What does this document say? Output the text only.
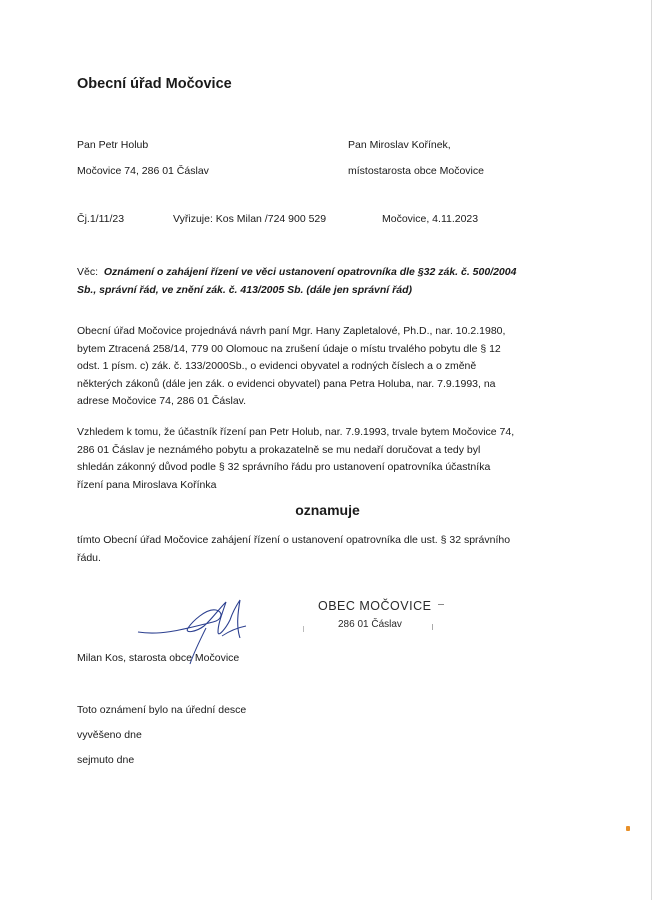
Obecní úřad Močovice
Pan Petr Holub
Močovice 74, 286 01 Čáslav
Pan Miroslav Kořínek,
místostarosta obce Močovice
Čj.1/11/23	Vyřizuje: Kos Milan /724 900 529	Močovice, 4.11.2023
Věc: Oznámení o zahájení řízení ve věci ustanovení opatrovníka dle §32 zák. č. 500/2004
Sb., správní řád, ve znění zák. č. 413/2005 Sb. (dále jen správní řád)
Obecní úřad Močovice projednává návrh paní Mgr. Hany Zapletalové, Ph.D., nar. 10.2.1980,
bytem Ztracená 258/14, 779 00 Olomouc na zrušení údaje o místu trvalého pobytu dle § 12
odst. 1 písm. c) zák. č. 133/2000Sb., o evidenci obyvatel a rodných číslech a o změně
některých zákonů (dále jen zák. o evidenci obyvatel) pana Petra Holuba, nar. 7.9.1993, na
adrese Močovice 74, 286 01 Čáslav.
Vzhledem k tomu, že účastník řízení pan Petr Holub, nar. 7.9.1993, trvale bytem Močovice 74,
286 01 Čáslav je neznámého pobytu a prokazatelně se mu nedaří doručovat a tedy byl
shledán zákonný důvod podle § 32 správního řádu pro ustanovení opatrovníka účastníka
řízení pana Miroslava Kořínka
oznamuje
tímto Obecní úřad Močovice zahájení řízení o ustanovení opatrovníka dle ust. § 32 správního
řádu.
OBEC MOČOVICE
286 01 Čáslav
Milan Kos, starosta obce Močovice
Toto oznámení bylo na úřední desce
vyvěšeno dne
sejmuto dne
